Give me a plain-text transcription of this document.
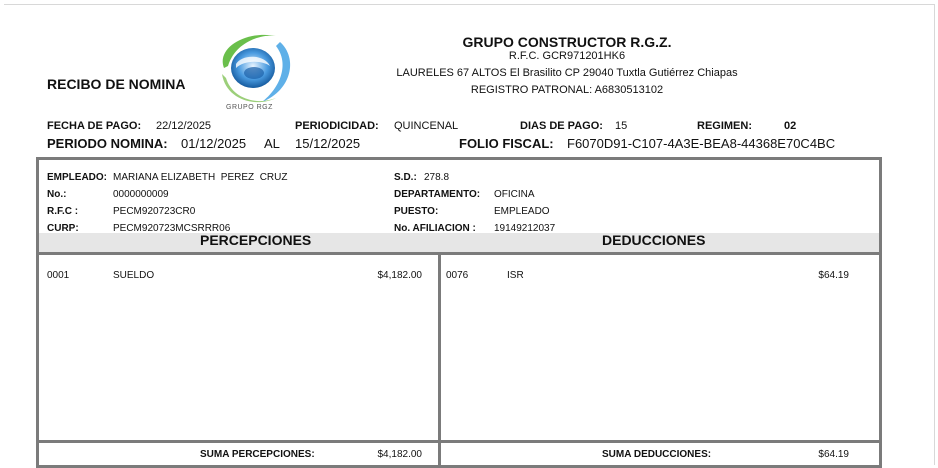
GRUPO RGZ
RECIBO DE NOMINA
GRUPO CONSTRUCTOR R.G.Z.
R.F.C. GCR971201HK6
LAURELES 67 ALTOS El Brasilito CP 29040 Tuxtla Gutiérrez Chiapas
REGISTRO PATRONAL: A6830513102
FECHA DE PAGO: 22/12/2025	PERIODICIDAD: QUINCENAL	DIAS DE PAGO: 15	REGIMEN:	02
PERIODO NOMINA: 01/12/2025 AL 15/12/2025	FOLIO FISCAL: F6070D91-C107-4A3E-BEA8-44368E70C4BC
EMPLEADO: MARIANA ELIZABETH  PEREZ  CRUZ
No.:	0000000009
R.F.C :	PECM920723CR0
CURP:	PECM920723MCSRRR06
S.D.: 278.8
DEPARTAMENTO: OFICINA
PUESTO:	EMPLEADO
No. AFILIACION : 19149212037
PERCEPCIONES	DEDUCCIONES
0001	SUELDO	$4,182.00 0076	ISR	$64.19
SUMA PERCEPCIONES:	$4,182.00	SUMA DEDUCCIONES:	$64.19
